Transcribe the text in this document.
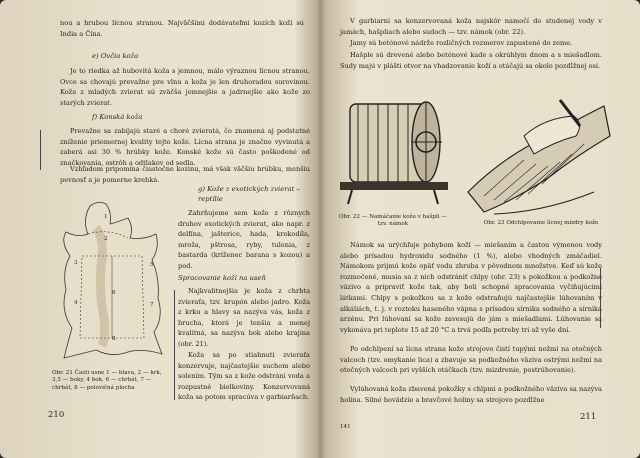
nou a hrubou lícnou stranou. Najväčšími dodávateľmi kozích koží sú India a Čína.

e) Ovčia koža

Je to riedka až hubovitá koža s jemnou, málo výraznou lícnou stranou. Ovce sa chovajú prevažne pre vlnu a koža je len druhoradou surovinou. Koža z mladých zvierat sú zväčša jemnejšie a jadrnejšie ako kože zo starých zvierat.

f) Konská koža

Prevažne sa zabíjajú staré a choré zvieratá, čo znamená aj podstatné zníženie priemernej kvality tejto kože. Lícna strana je značne vyvinutá a zaberá asi 30 % hrúbky kože. Konské kože sú často poškodené od značkovania, ostrôh a odtlakov od sedla.

Vzhľadom pripomína čiastočne kozinu, má však väčšiu hrúbku, menšiu pevnosť a je pomerne krehká.

1
2
3
4
5
6
7
8
Obr. 21 Časti usne 1 — hlava, 2 — krk, 3,5 — boky, 4 bok, 6 — chrbát, 7 — chrbát, 8 — polovičná plocha
g) Kože z exotických zvierat – reptílie

Zahrňujeme sem kože z rôznych druhov exotických zvierat, ako napr. z delfína, jašterice, hada, krokodíla, mroža, pštrosa, ryby, tulenia, z bastarda (kríženec barana s kozou) a pod.

Spracovanie koží na useň

Najkvalitnejšia je koža z chrbta zvieraťa, tzv. krupón alebo jadro. Koža z krku a hlavy sa nazýva vás, koža z brucha, ktorá je tenšia a menej kvalitná, sa nazýva bok alebo krajina (obr. 21).

Koža sa po stiahnutí zvieraťa konzervuje, najčastejšie suchom alebo solením. Tým sa z kože odstráni voda a rozpustné bielkoviny. Konzervovaná koža sa potom spracúva v garbiarňach.

210

V garbiarni sa konzervovaná koža najskôr namočí do studenej vody v jamách, hašpliach alebo sudoch — tzv. námok (obr. 22).

Jamy sú betónové nádrže rozličných rozmerov zapustené do zeme.

Hašple sú drevené alebo betónové kade s okrúhlym dnom a s miešadlom. Sudy majú v plášti otvor na vhadzovanie koží a otáčajú sa okolo pozdĺžnej osi.

Obr. 22 — Namáčanie kože v hašpli — tzv. námok	Obr. 23 Odchlpovanie lícnej mizdry kože

Námok sa urýchľuje pohybom koží — miešaním a častou výmenou vody alebo prísadou hydroxidu sodného (1 %), alebo vhodných zmáčadiel. Námokom prijmú kože opäť vodu zhruba v pôvodnom množstve. Keď sú kože rozmočené, musia sa z nich odstrániť chlpy (obr. 23) s pokožkou a podkožné väzivo a pripraviť kože tak, aby boli schopné spracovania vyčiňujúcimi látkami. Chlpy s pokožkou sa z kože odstraňujú najčastejšie lúhovaním v alkáliách, t. j. v roztoku haseného vápna s prísadou sírnika sodného a sírnika arzénu. Pri lúhovaní sa kože zavesujú do jám s miešadlami. Lúhovanie sa vykonáva pri teplote 15 až 20 °C a trvá podľa potreby tri až vyše dní.

Po odchlpení sa lícna strana kože strojovo čistí tupými nožmi na otočných valcoch (tzv. omykanie lica) a zbavuje sa podkožného väziva ostrými nožmi na otočných valcoch pri vyšších otáčkach (tzv. mizdrenie, postrúhovanie).

Vylúhovaná koža zbavená pokožky s chlpmi a podkožného väziva sa nazýva holina. Silné hovädzie a bravčové holiny sa strojovo pozdĺžne

141
211
